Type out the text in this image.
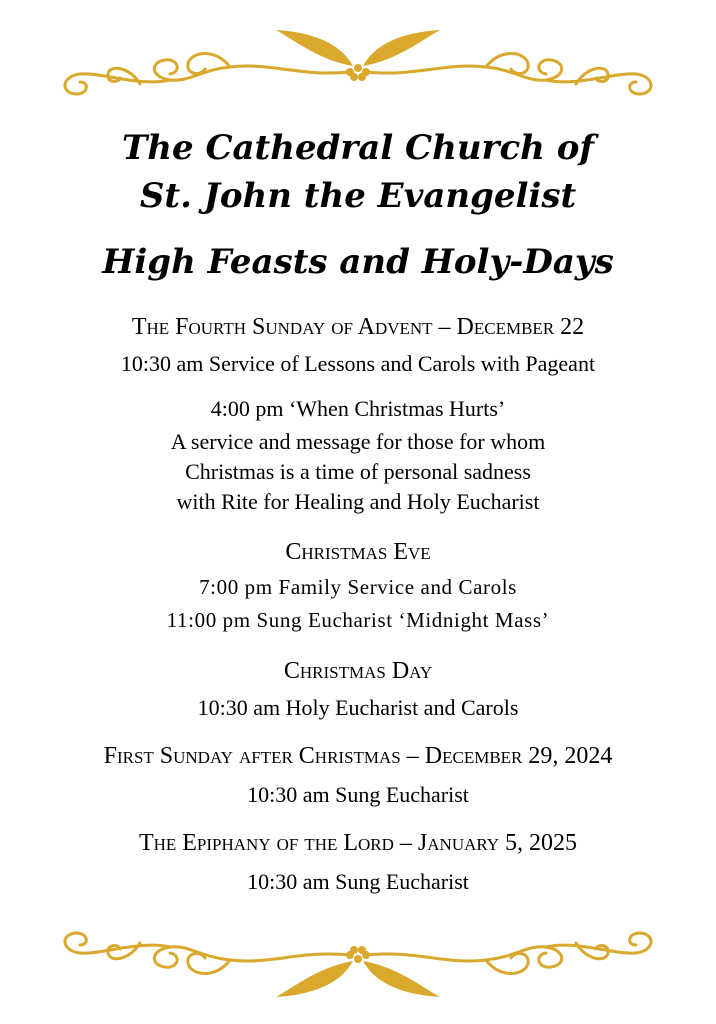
The Cathedral Church of
St. John the Evangelist
High Feasts and Holy-Days
The Fourth Sunday of Advent – December 22
10:30 am Service of Lessons and Carols with Pageant
4:00 pm ‘When Christmas Hurts’
A service and message for those for whom
Christmas is a time of personal sadness
with Rite for Healing and Holy Eucharist
Christmas Eve
7:00 pm Family Service and Carols
11:00 pm Sung Eucharist ‘Midnight Mass’
Christmas Day
10:30 am Holy Eucharist and Carols
First Sunday after Christmas – December 29, 2024
10:30 am Sung Eucharist
The Epiphany of the Lord – January 5, 2025
10:30 am Sung Eucharist
